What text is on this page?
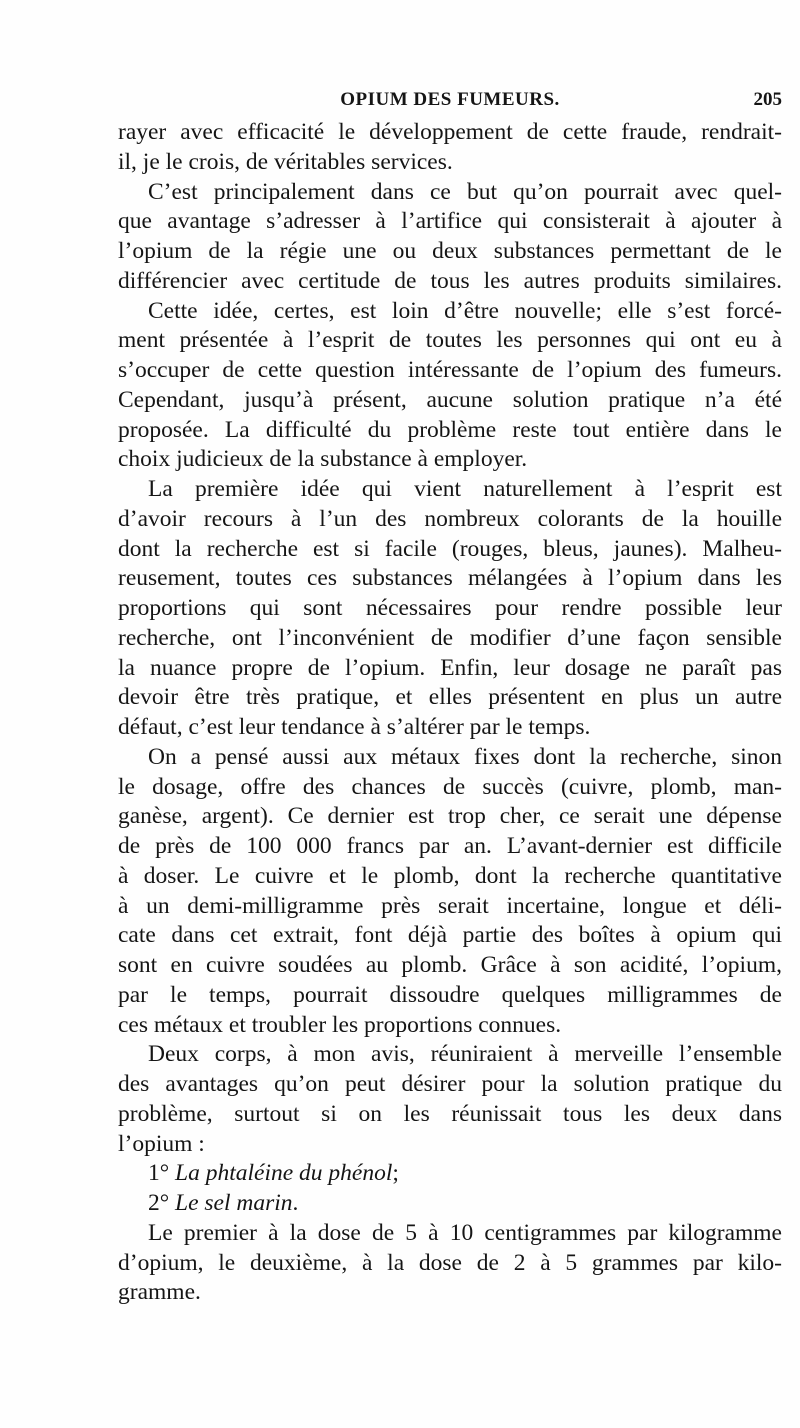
OPIUM DES FUMEURS.	205
rayer avec efficacité le développement de cette fraude, rendrait-
il, je le crois, de véritables services.
C’est principalement dans ce but qu’on pourrait avec quel-
que avantage s’adresser à l’artifice qui consisterait à ajouter à
l’opium de la régie une ou deux substances permettant de le
différencier avec certitude de tous les autres produits similaires.
Cette idée, certes, est loin d’être nouvelle; elle s’est forcé-
ment présentée à l’esprit de toutes les personnes qui ont eu à
s’occuper de cette question intéressante de l’opium des fumeurs.
Cependant, jusqu’à présent, aucune solution pratique n’a été
proposée. La difficulté du problème reste tout entière dans le
choix judicieux de la substance à employer.
La première idée qui vient naturellement à l’esprit est
d’avoir recours à l’un des nombreux colorants de la houille
dont la recherche est si facile (rouges, bleus, jaunes). Malheu-
reusement, toutes ces substances mélangées à l’opium dans les
proportions qui sont nécessaires pour rendre possible leur
recherche, ont l’inconvénient de modifier d’une façon sensible
la nuance propre de l’opium. Enfin, leur dosage ne paraît pas
devoir être très pratique, et elles présentent en plus un autre
défaut, c’est leur tendance à s’altérer par le temps.
On a pensé aussi aux métaux fixes dont la recherche, sinon
le dosage, offre des chances de succès (cuivre, plomb, man-
ganèse, argent). Ce dernier est trop cher, ce serait une dépense
de près de 100 000 francs par an. L’avant-dernier est difficile
à doser. Le cuivre et le plomb, dont la recherche quantitative
à un demi-milligramme près serait incertaine, longue et déli-
cate dans cet extrait, font déjà partie des boîtes à opium qui
sont en cuivre soudées au plomb. Grâce à son acidité, l’opium,
par le temps, pourrait dissoudre quelques milligrammes de
ces métaux et troubler les proportions connues.
Deux corps, à mon avis, réuniraient à merveille l’ensemble
des avantages qu’on peut désirer pour la solution pratique du
problème, surtout si on les réunissait tous les deux dans
l’opium :
1° La phtaléine du phénol;
2° Le sel marin.
Le premier à la dose de 5 à 10 centigrammes par kilogramme
d’opium, le deuxième, à la dose de 2 à 5 grammes par kilo-
gramme.
